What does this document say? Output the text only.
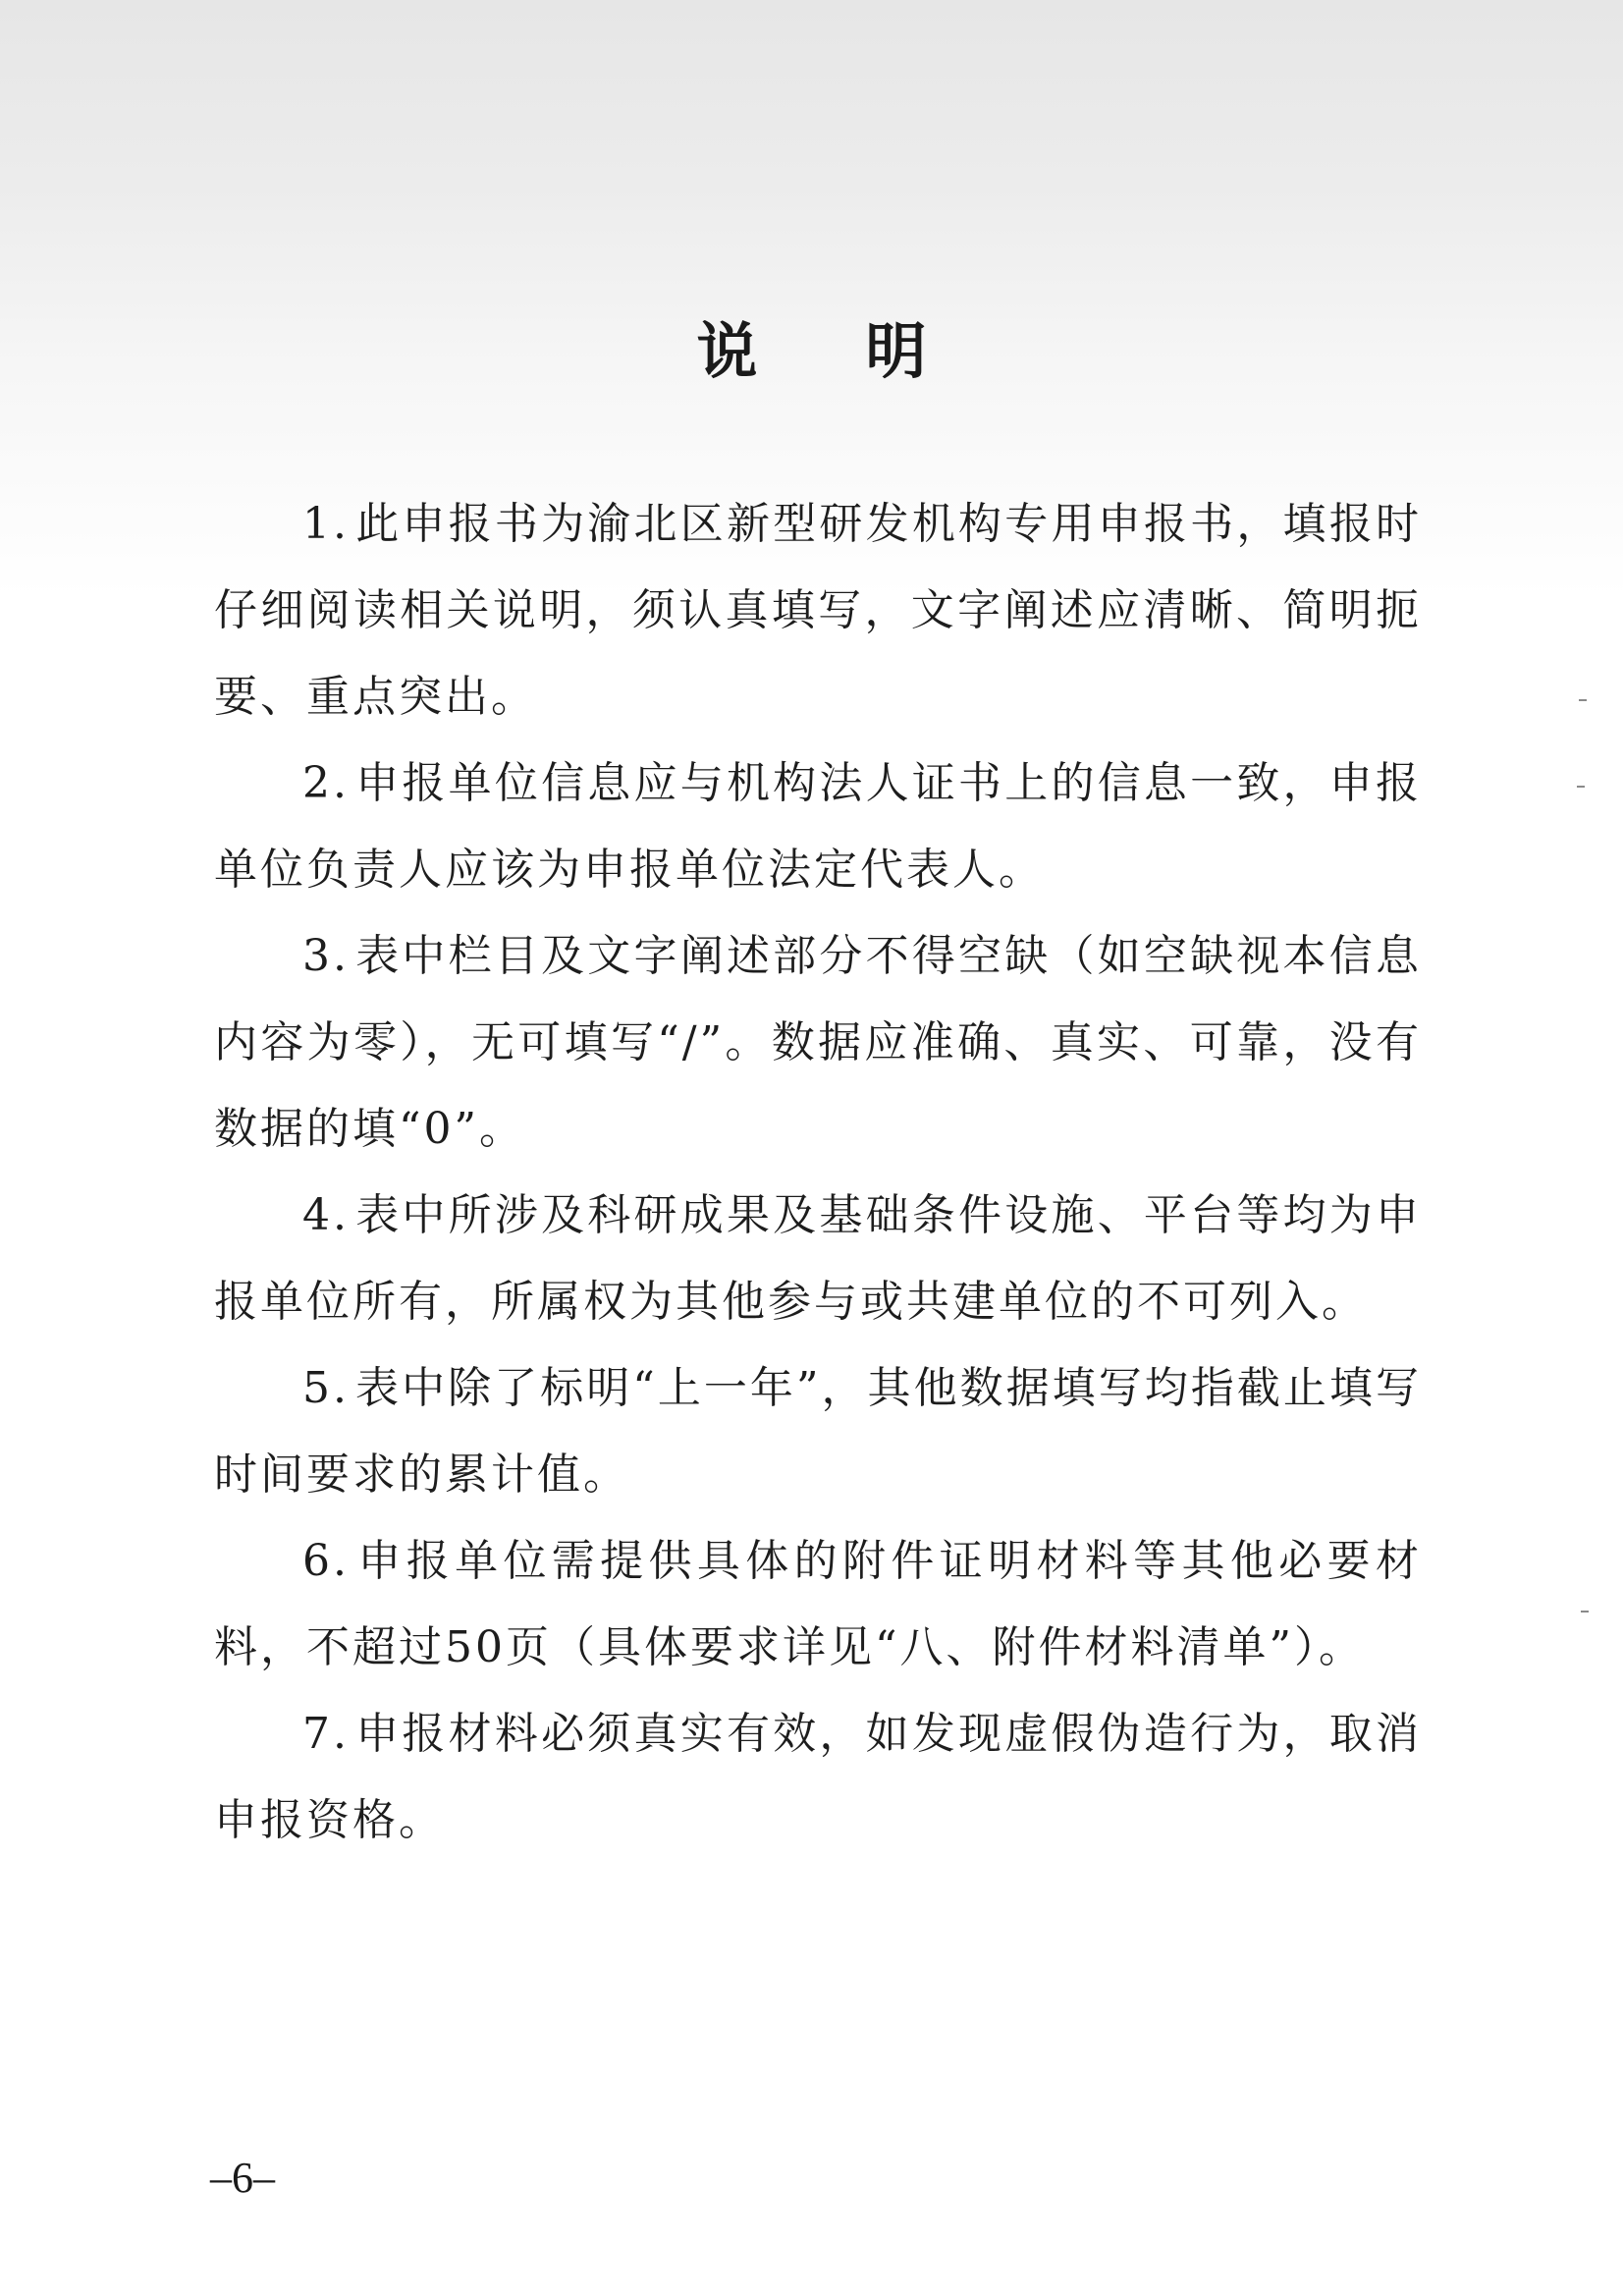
说 明

1. 此申报书为渝北区新型研发机构专用申报书，填报时仔细阅读相关说明，须认真填写，文字阐述应清晰、简明扼要、重点突出。

2. 申报单位信息应与机构法人证书上的信息一致，申报单位负责人应该为申报单位法定代表人。

3. 表中栏目及文字阐述部分不得空缺（如空缺视本信息内容为零），无可填写“/”。数据应准确、真实、可靠，没有数据的填“0”。

4. 表中所涉及科研成果及基础条件设施、平台等均为申报单位所有，所属权为其他参与或共建单位的不可列入。

5. 表中除了标明“上一年”，其他数据填写均指截止填写时间要求的累计值。

6. 申报单位需提供具体的附件证明材料等其他必要材料，不超过50页（具体要求详见“八、附件材料清单”）。

7. 申报材料必须真实有效，如发现虚假伪造行为，取消申报资格。

–6–
